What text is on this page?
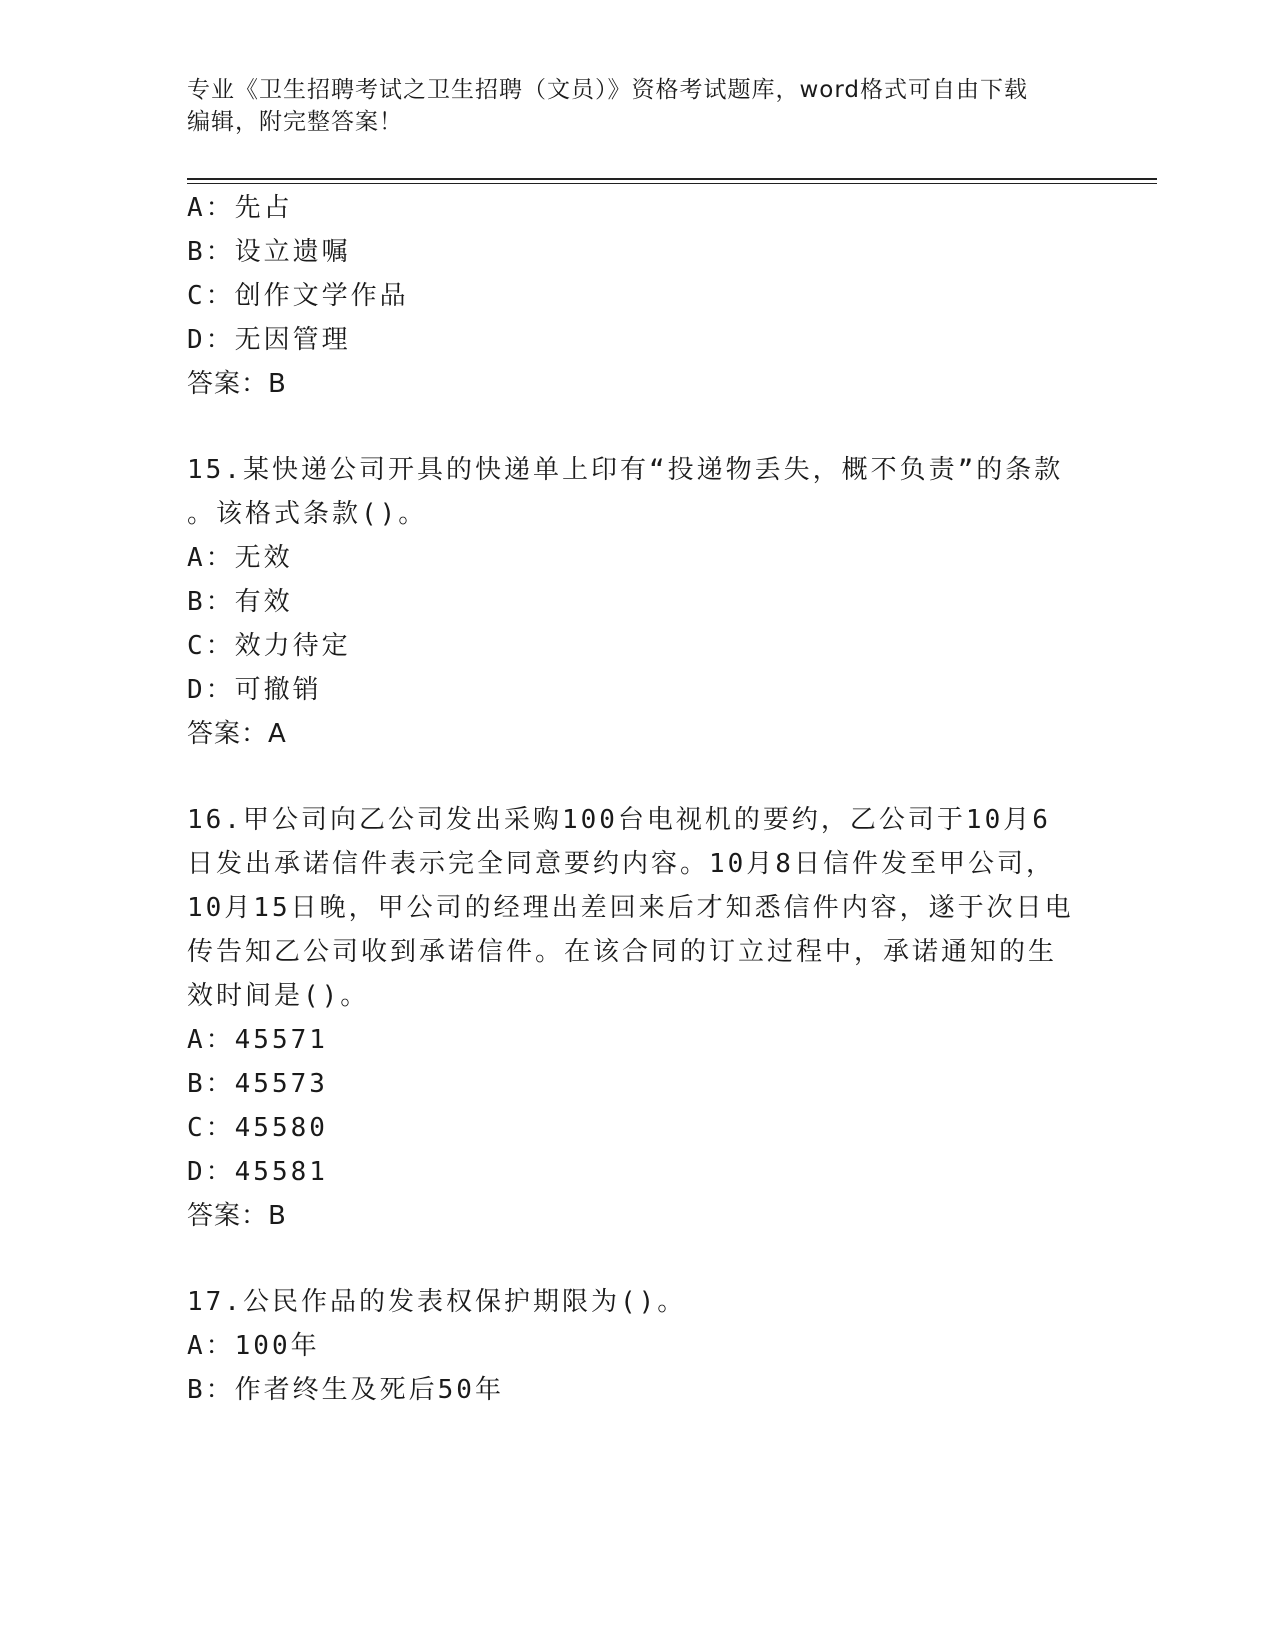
专业《卫生招聘考试之卫生招聘（文员）》资格考试题库，word格式可自由下载
编辑，附完整答案！
A：先占
B：设立遗嘱
C：创作文学作品
D：无因管理
答案：B
15.某快递公司开具的快递单上印有“投递物丢失，概不负责”的条款
。该格式条款()。
A：无效
B：有效
C：效力待定
D：可撤销
答案：A
16.甲公司向乙公司发出采购100台电视机的要约，乙公司于10月6
日发出承诺信件表示完全同意要约内容。10月8日信件发至甲公司，
10月15日晚，甲公司的经理出差回来后才知悉信件内容，遂于次日电
传告知乙公司收到承诺信件。在该合同的订立过程中，承诺通知的生
效时间是()。
A：45571
B：45573
C：45580
D：45581
答案：B
17.公民作品的发表权保护期限为()。
A：100年
B：作者终生及死后50年
